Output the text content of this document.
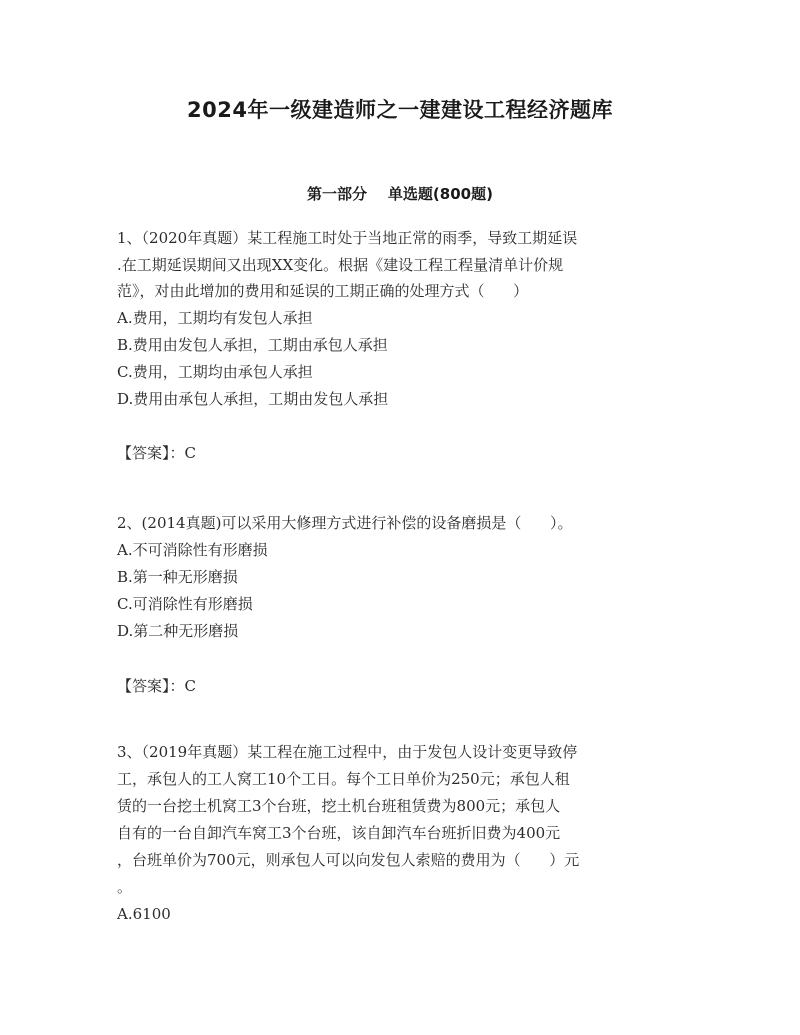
2024年一级建造师之一建建设工程经济题库
第一部分    单选题(800题)
1、（2020年真题）某工程施工时处于当地正常的雨季，导致工期延误
.在工期延误期间又出现XX变化。根据《建设工程工程量清单计价规
范》，对由此增加的费用和延误的工期正确的处理方式（      ）
A.费用，工期均有发包人承担
B.费用由发包人承担，工期由承包人承担
C.费用，工期均由承包人承担
D.费用由承包人承担，工期由发包人承担
【答案】：C
2、(2014真题)可以采用大修理方式进行补偿的设备磨损是（      ）。
A.不可消除性有形磨损
B.第一种无形磨损
C.可消除性有形磨损
D.第二种无形磨损
【答案】：C
3、（2019年真题）某工程在施工过程中，由于发包人设计变更导致停
工，承包人的工人窝工10个工日。每个工日单价为250元；承包人租
赁的一台挖土机窝工3个台班，挖土机台班租赁费为800元；承包人
自有的一台自卸汽车窝工3个台班，该自卸汽车台班折旧费为400元
，台班单价为700元，则承包人可以向发包人索赔的费用为（      ）元
。
A.6100
